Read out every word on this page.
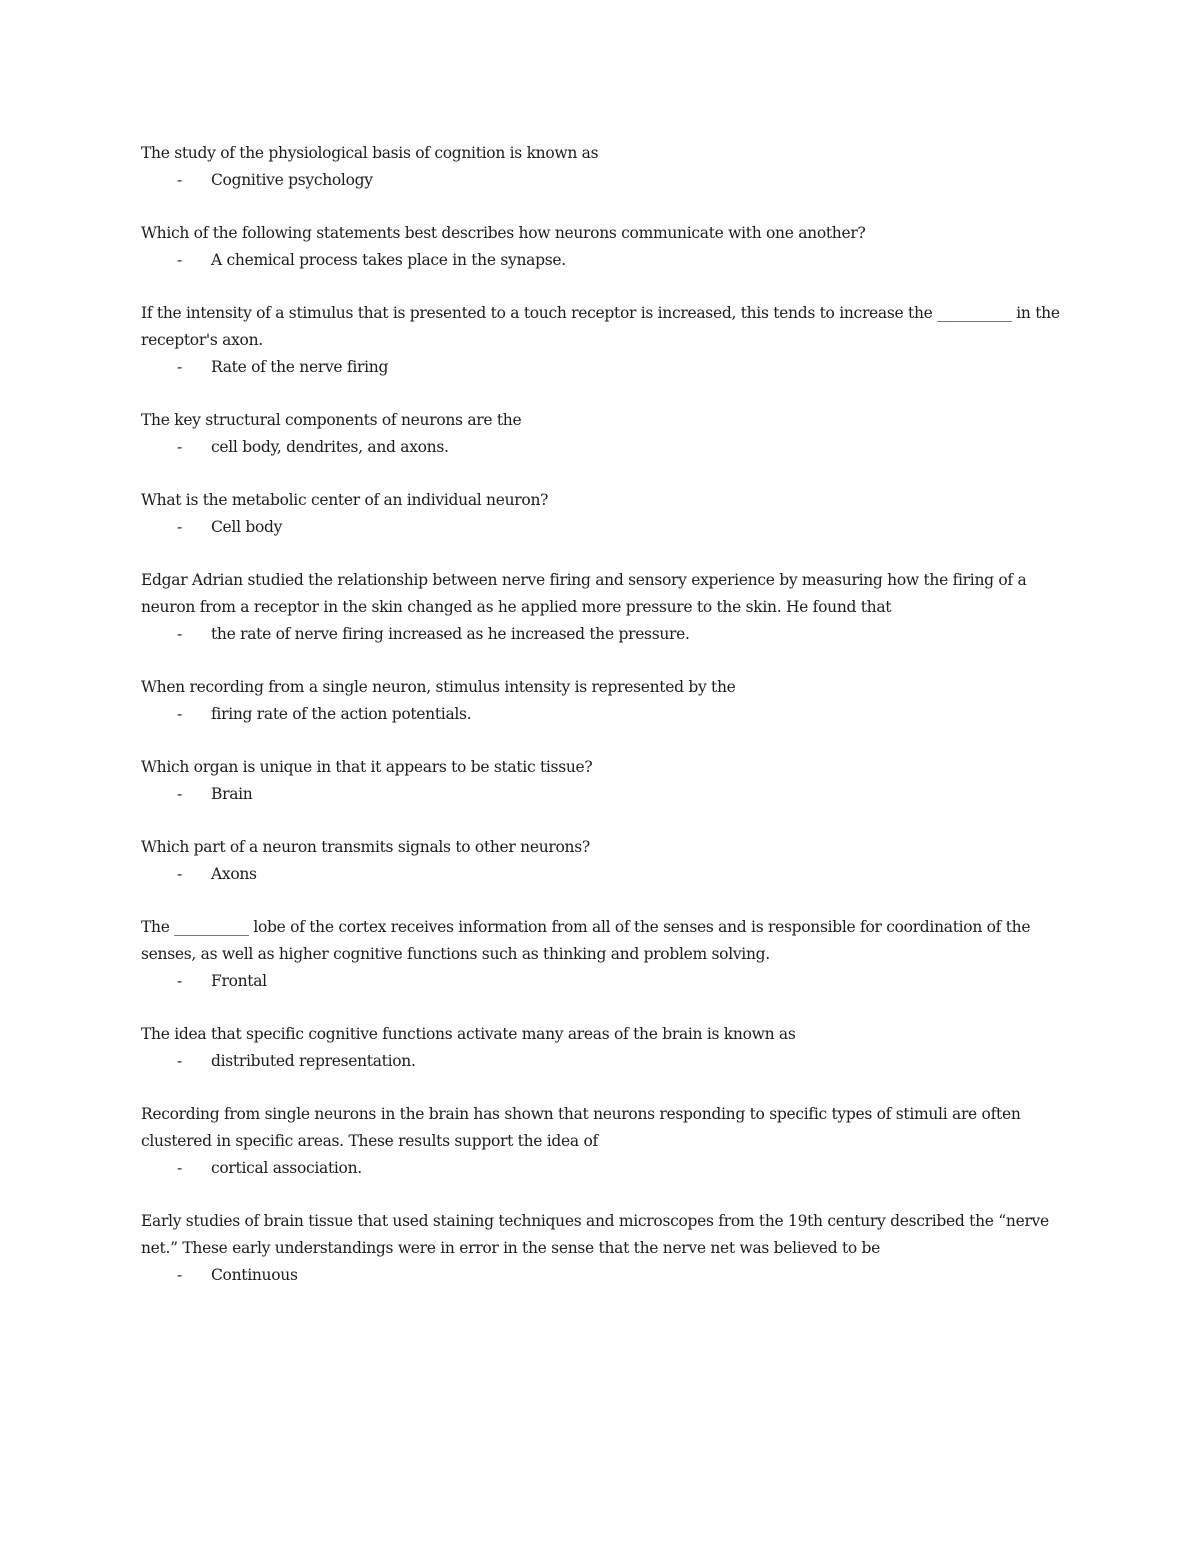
The study of the physiological basis of cognition is known as

- Cognitive psychology

Which of the following statements best describes how neurons communicate with one another?

- A chemical process takes place in the synapse.

If the intensity of a stimulus that is presented to a touch receptor is increased, this tends to increase the __________ in the receptor's axon.

- Rate of the nerve firing

The key structural components of neurons are the

- cell body, dendrites, and axons.

What is the metabolic center of an individual neuron?

- Cell body

Edgar Adrian studied the relationship between nerve firing and sensory experience by measuring how the firing of a neuron from a receptor in the skin changed as he applied more pressure to the skin. He found that

- the rate of nerve firing increased as he increased the pressure.

When recording from a single neuron, stimulus intensity is represented by the

- firing rate of the action potentials.

Which organ is unique in that it appears to be static tissue?

- Brain

Which part of a neuron transmits signals to other neurons?

- Axons

The __________ lobe of the cortex receives information from all of the senses and is responsible for coordination of the senses, as well as higher cognitive functions such as thinking and problem solving.

- Frontal

The idea that specific cognitive functions activate many areas of the brain is known as

- distributed representation.

Recording from single neurons in the brain has shown that neurons responding to specific types of stimuli are often clustered in specific areas. These results support the idea of

- cortical association.

Early studies of brain tissue that used staining techniques and microscopes from the 19th century described the “nerve net.” These early understandings were in error in the sense that the nerve net was believed to be

- Continuous
